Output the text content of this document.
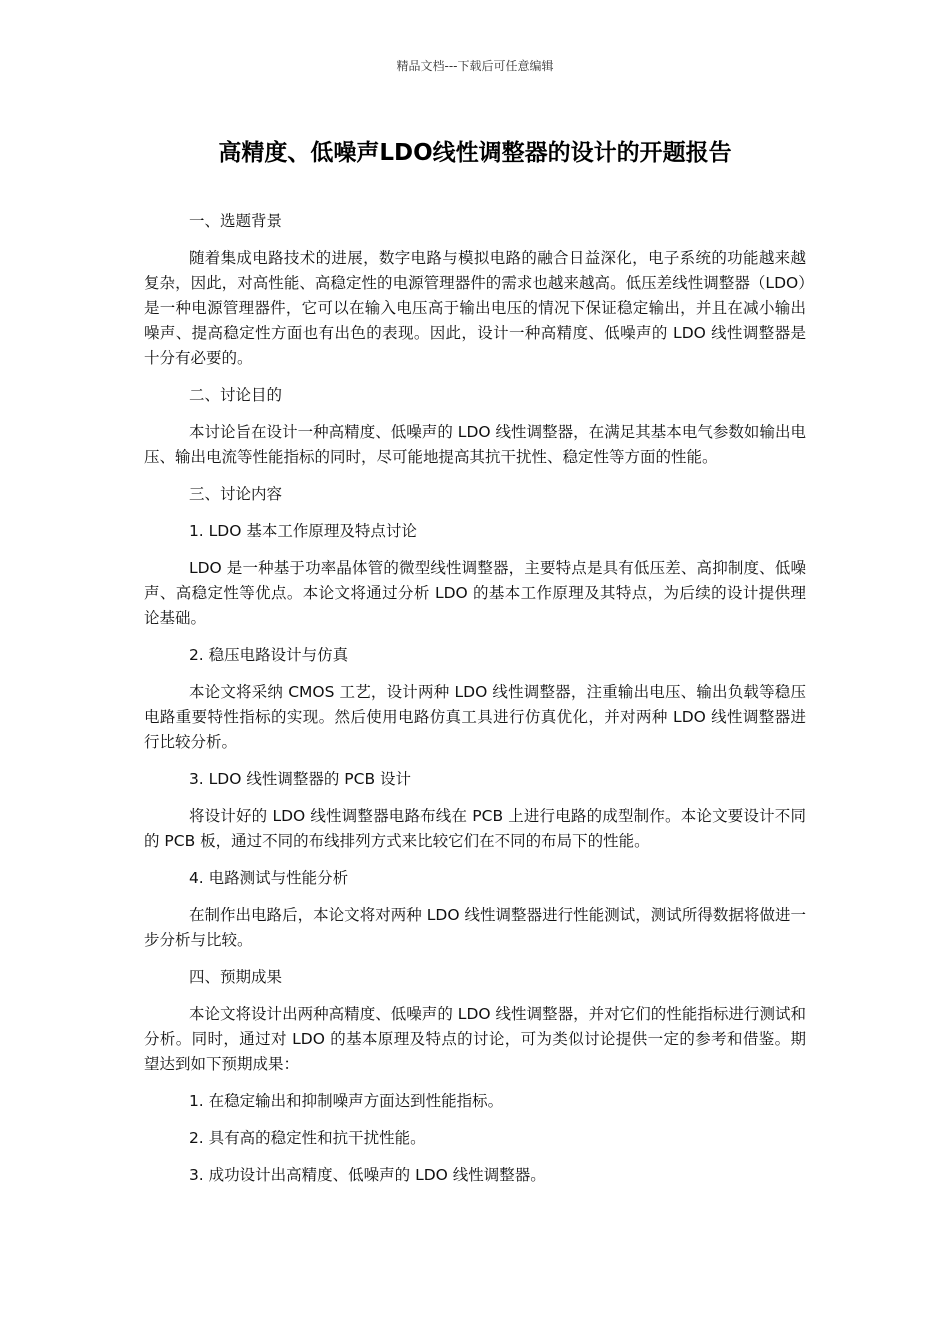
精品文档---下载后可任意编辑
高精度、低噪声LDO线性调整器的设计的开题报告

一、选题背景

随着集成电路技术的进展，数字电路与模拟电路的融合日益深化，电子系统的功能越来越复杂，因此，对高性能、高稳定性的电源管理器件的需求也越来越高。低压差线性调整器（LDO）是一种电源管理器件，它可以在输入电压高于输出电压的情况下保证稳定输出，并且在减小输出噪声、提高稳定性方面也有出色的表现。因此，设计一种高精度、低噪声的 LDO 线性调整器是十分有必要的。

二、讨论目的

本讨论旨在设计一种高精度、低噪声的 LDO 线性调整器，在满足其基本电气参数如输出电压、输出电流等性能指标的同时，尽可能地提高其抗干扰性、稳定性等方面的性能。

三、讨论内容

1. LDO 基本工作原理及特点讨论

LDO 是一种基于功率晶体管的微型线性调整器，主要特点是具有低压差、高抑制度、低噪声、高稳定性等优点。本论文将通过分析 LDO 的基本工作原理及其特点，为后续的设计提供理论基础。

2. 稳压电路设计与仿真

本论文将采纳 CMOS 工艺，设计两种 LDO 线性调整器，注重输出电压、输出负载等稳压电路重要特性指标的实现。然后使用电路仿真工具进行仿真优化，并对两种 LDO 线性调整器进行比较分析。

3. LDO 线性调整器的 PCB 设计

将设计好的 LDO 线性调整器电路布线在 PCB 上进行电路的成型制作。本论文要设计不同的 PCB 板，通过不同的布线排列方式来比较它们在不同的布局下的性能。

4. 电路测试与性能分析

在制作出电路后，本论文将对两种 LDO 线性调整器进行性能测试，测试所得数据将做进一步分析与比较。

四、预期成果

本论文将设计出两种高精度、低噪声的 LDO 线性调整器，并对它们的性能指标进行测试和分析。同时，通过对 LDO 的基本原理及特点的讨论，可为类似讨论提供一定的参考和借鉴。期望达到如下预期成果：

1. 在稳定输出和抑制噪声方面达到性能指标。

2. 具有高的稳定性和抗干扰性能。

3. 成功设计出高精度、低噪声的 LDO 线性调整器。
